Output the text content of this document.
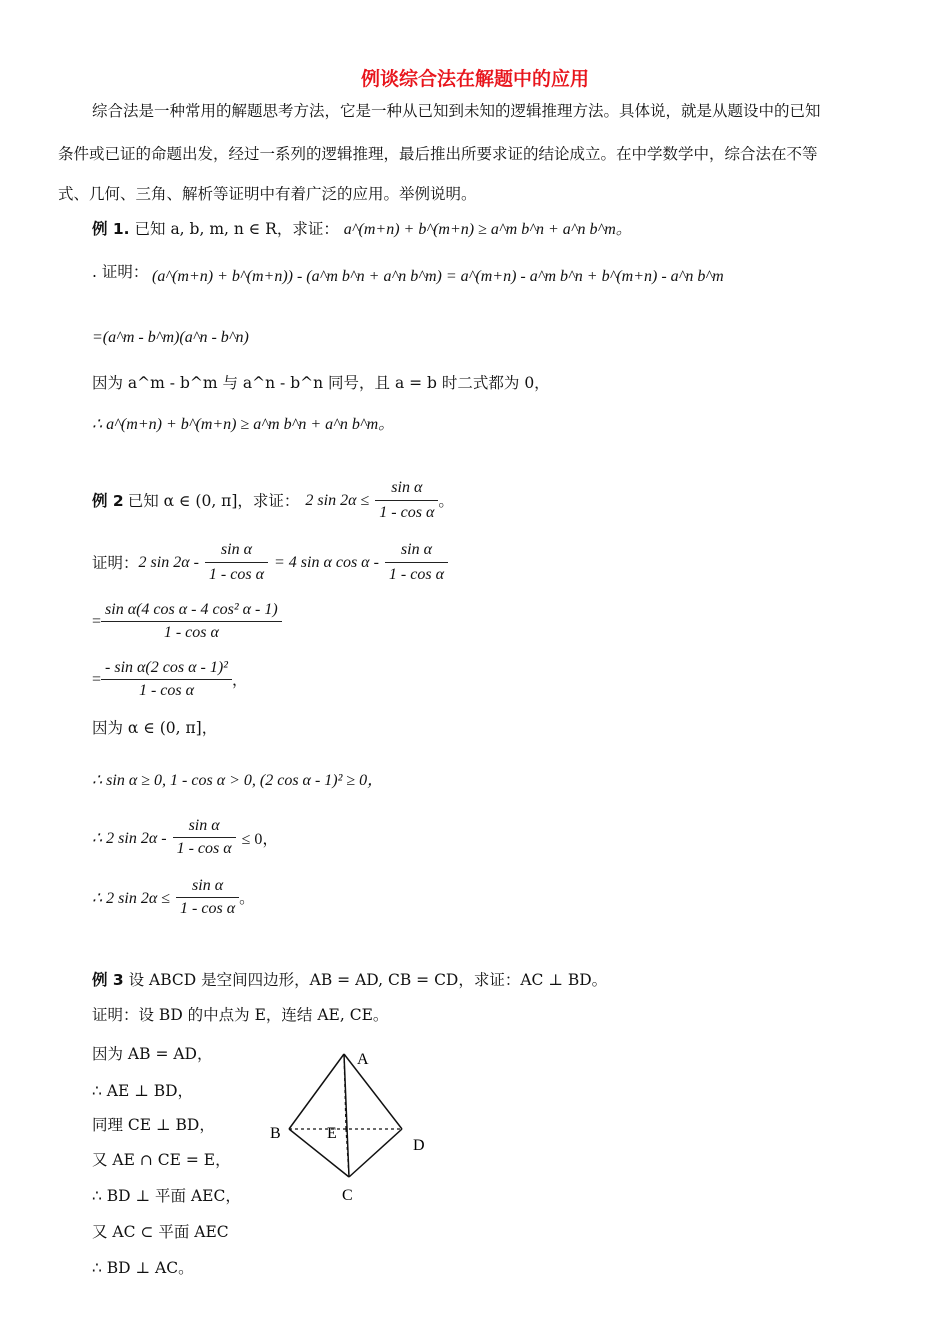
例谈综合法在解题中的应用
综合法是一种常用的解题思考方法，它是一种从已知到未知的逻辑推理方法。具体说，就是从题设中的已知
条件或已证的命题出发，经过一系列的逻辑推理，最后推出所要求证的结论成立。在中学数学中，综合法在不等
式、几何、三角、解析等证明中有着广泛的应用。举例说明。
例 1. 已知 a, b, m, n ∈ R，求证： a^(m+n) + b^(m+n) ≥ a^m b^n + a^n b^m。
. 证明： (a^(m+n) + b^(m+n)) - (a^m b^n + a^n b^m) = a^(m+n) - a^m b^n + b^(m+n) - a^n b^m
=(a^m - b^m)(a^n - b^n)
因为 a^m - b^m 与 a^n - b^n 同号，且 a = b 时二式都为 0，
∴ a^(m+n) + b^(m+n) ≥ a^m b^n + a^n b^m。
例 2 已知 α ∈ (0, π]，求证： 2 $\sin 2\alpha \le \frac{\text{sin α}}{\text{1 - cos α}}$ 。
证明： 2 $\sin 2\alpha - \frac{\text{sin α}}{\text{1 - cos α}} = 4$ sin α cos α - $\frac{\text{sin α}}{\text{1 - cos α}}$
= $\frac{\text{sin α(4 cos α - 4 cos² α - 1)}}{\text{1 - cos α}}$
= $\frac{\text{- sin α(2 cos α - 1)²}}{\text{1 - cos α}}$ ，
因为 α ∈ (0, π]，
∴ sin α ≥ 0, 1 - cos α > 0, (2 cos α - 1)² ≥ 0，
∴ 2 $\sin 2\alpha - \frac{\text{sin α}}{\text{1 - cos α}} \le 0$，
∴ 2 $\sin 2\alpha \le \frac{\text{sin α}}{\text{1 - cos α}}$ 。
例 3 设 ABCD 是空间四边形，AB = AD, CB = CD，求证：AC ⊥ BD。
证明：设 BD 的中点为 E，连结 AE, CE。
因为 AB = AD，
∴ AE ⊥ BD，
同理 CE ⊥ BD，
又 AE ∩ CE = E，
∴ BD ⊥ 平面 AEC，
又 AC ⊂ 平面 AEC
∴ BD ⊥ AC。
A
B	E
D
C
